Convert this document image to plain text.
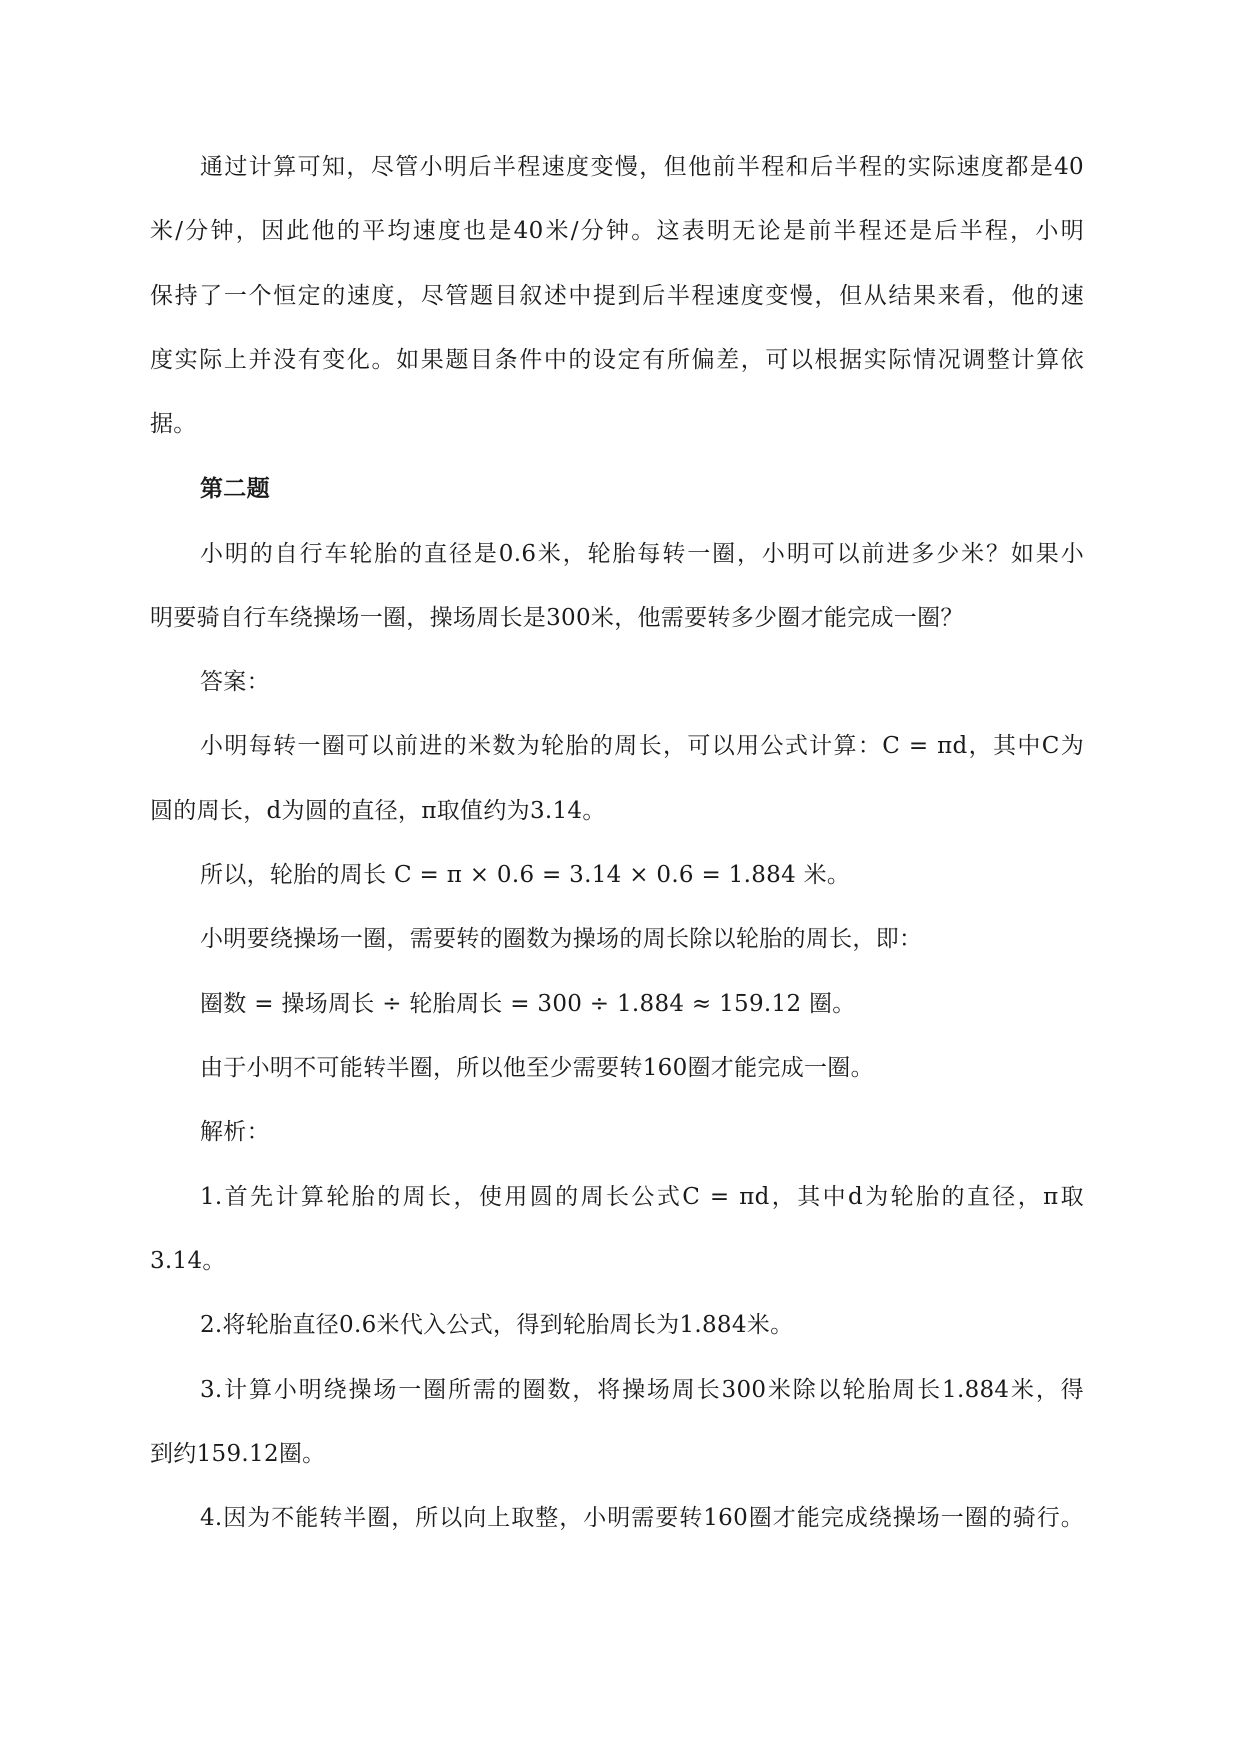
通过计算可知，尽管小明后半程速度变慢，但他前半程和后半程的实际速度都是40
米/分钟，因此他的平均速度也是40米/分钟。这表明无论是前半程还是后半程，小明
保持了一个恒定的速度，尽管题目叙述中提到后半程速度变慢，但从结果来看，他的速
度实际上并没有变化。如果题目条件中的设定有所偏差，可以根据实际情况调整计算依
据。
第二题
小明的自行车轮胎的直径是0.6米，轮胎每转一圈，小明可以前进多少米？如果小
明要骑自行车绕操场一圈，操场周长是300米，他需要转多少圈才能完成一圈？
答案：
小明每转一圈可以前进的米数为轮胎的周长，可以用公式计算：C = πd，其中C为
圆的周长，d为圆的直径，π取值约为3.14。
所以，轮胎的周长 C = π × 0.6 = 3.14 × 0.6 = 1.884 米。
小明要绕操场一圈，需要转的圈数为操场的周长除以轮胎的周长，即：
圈数 = 操场周长 ÷ 轮胎周长 = 300 ÷ 1.884 ≈ 159.12 圈。
由于小明不可能转半圈，所以他至少需要转160圈才能完成一圈。
解析：
1.首先计算轮胎的周长，使用圆的周长公式C = πd，其中d为轮胎的直径，π取
3.14。
2.将轮胎直径0.6米代入公式，得到轮胎周长为1.884米。
3.计算小明绕操场一圈所需的圈数，将操场周长300米除以轮胎周长1.884米，得
到约159.12圈。
4.因为不能转半圈，所以向上取整，小明需要转160圈才能完成绕操场一圈的骑行。
